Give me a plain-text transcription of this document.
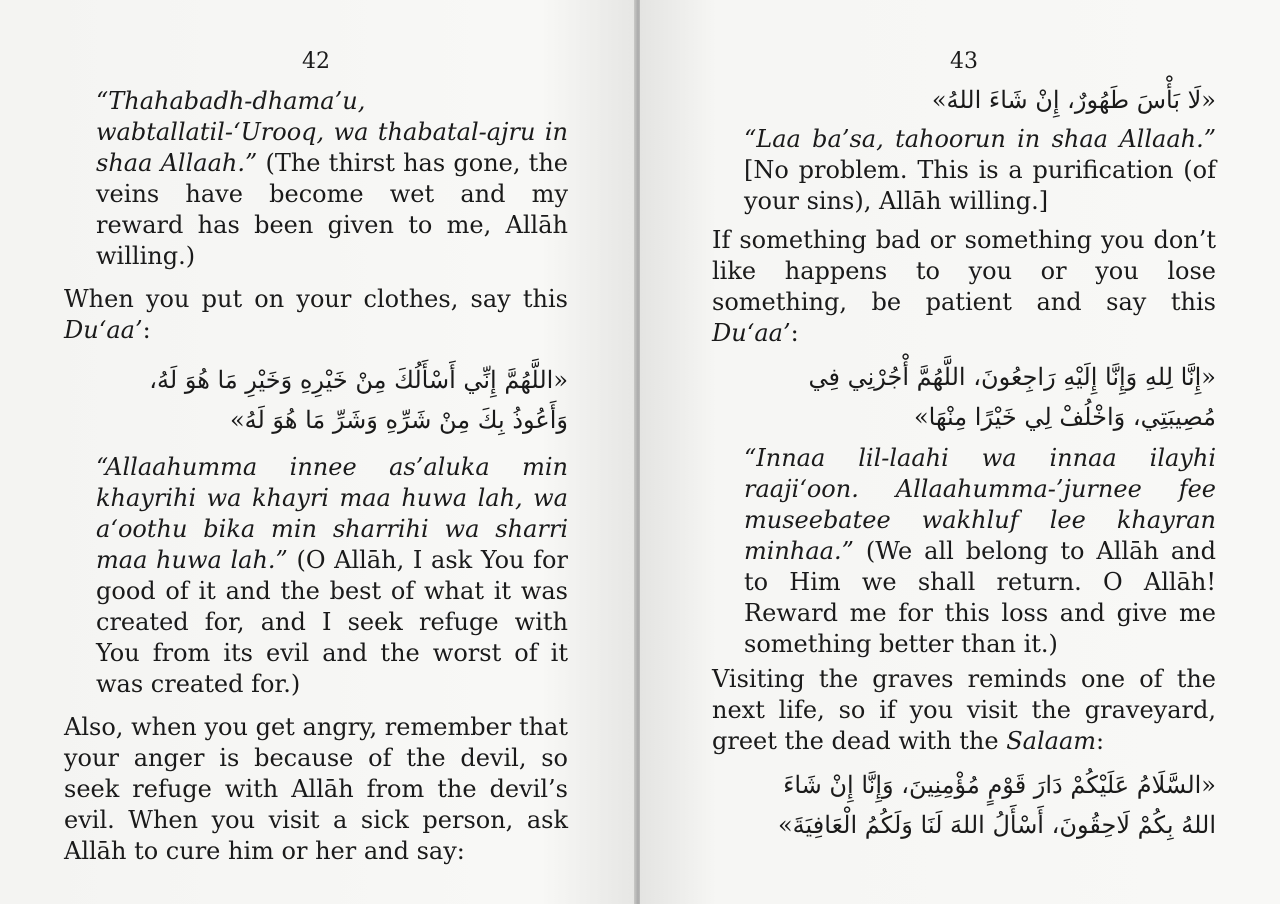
42

“Thahabadh-dhama’u, wabtallatil-‘Urooq, wa thabatal-ajru in shaa Allaah.” (The thirst has gone, the veins have become wet and my reward has been given to me, Allāh willing.)

When you put on your clothes, say this Du‘aa’:

«اللَّهُمَّ إِنِّي أَسْأَلُكَ مِنْ خَيْرِهِ وَخَيْرِ مَا هُوَ لَهُ، وَأَعُوذُ بِكَ مِنْ شَرِّهِ وَشَرِّ مَا هُوَ لَهُ»

“Allaahumma innee as’aluka min khayrihi wa khayri maa huwa lah, wa a‘oothu bika min sharrihi wa sharri maa huwa lah.” (O Allāh, I ask You for good of it and the best of what it was created for, and I seek refuge with You from its evil and the worst of it was created for.)

Also, when you get angry, remember that your anger is because of the devil, so seek refuge with Allāh from the devil’s evil. When you visit a sick person, ask Allāh to cure him or her and say:

43

«لَا بَأْسَ طَهُورٌ، إِنْ شَاءَ اللهُ»

“Laa ba’sa, tahoorun in shaa Allaah.” [No problem. This is a purification (of your sins), Allāh willing.]

If something bad or something you don’t like happens to you or you lose something, be patient and say this Du‘aa’:

«إِنَّا لِلهِ وَإِنَّا إِلَيْهِ رَاجِعُونَ، اللَّهُمَّ أْجُرْنِي فِي مُصِيبَتِي، وَاخْلُفْ لِي خَيْرًا مِنْهَا»

“Innaa lil-laahi wa innaa ilayhi raaji‘oon. Allaahumma-’jurnee fee museebatee wakhluf lee khayran minhaa.” (We all belong to Allāh and to Him we shall return. O Allāh! Reward me for this loss and give me something better than it.)

Visiting the graves reminds one of the next life, so if you visit the graveyard, greet the dead with the Salaam:

«السَّلَامُ عَلَيْكُمْ دَارَ قَوْمٍ مُؤْمِنِينَ، وَإِنَّا إِنْ شَاءَ اللهُ بِكُمْ لَاحِقُونَ، أَسْأَلُ اللهَ لَنَا وَلَكُمُ الْعَافِيَةَ»
